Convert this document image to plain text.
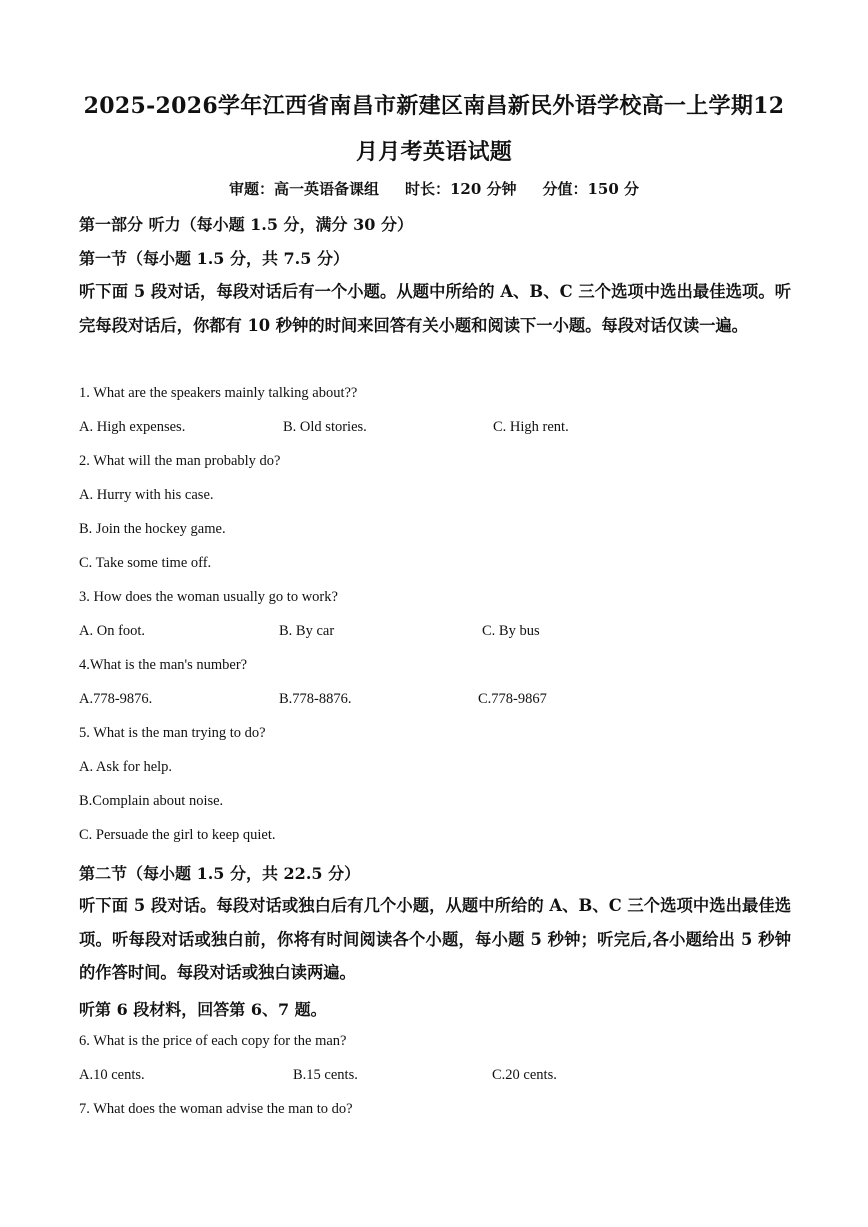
2025-2026学年江西省南昌市新建区南昌新民外语学校高一上学期12
月月考英语试题
审题：高一英语备课组 时长：120 分钟 分值：150 分
第一部分 听力（每小题 1.5 分，满分 30 分）
第一节（每小题 1.5 分，共 7.5 分）
听下面 5 段对话，每段对话后有一个小题。从题中所给的 A、B、C 三个选项中选出最佳选项。听完每段对话后，你都有 10 秒钟的时间来回答有关小题和阅读下一小题。每段对话仅读一遍。
1. What are the speakers mainly talking about??
A. High expenses.	B. Old stories.	C. High rent.
2. What will the man probably do?
A. Hurry with his case.
B. Join the hockey game.
C. Take some time off.
3. How does the woman usually go to work?
A. On foot.	B. By car	C. By bus
4.What is the man's number?
A.778-9876.	B.778-8876.	C.778-9867
5. What is the man trying to do?
A. Ask for help.
B.Complain about noise.
C. Persuade the girl to keep quiet.
第二节（每小题 1.5 分，共 22.5 分）
听下面 5 段对话。每段对话或独白后有几个小题，从题中所给的 A、B、C 三个选项中选出最佳选项。听每段对话或独白前，你将有时间阅读各个小题，每小题 5 秒钟；听完后,各小题给出 5 秒钟的作答时间。每段对话或独白读两遍。
听第 6 段材料，回答第 6、7 题。
6. What is the price of each copy for the man?
A.10 cents.	B.15 cents.	C.20 cents.
7. What does the woman advise the man to do?
